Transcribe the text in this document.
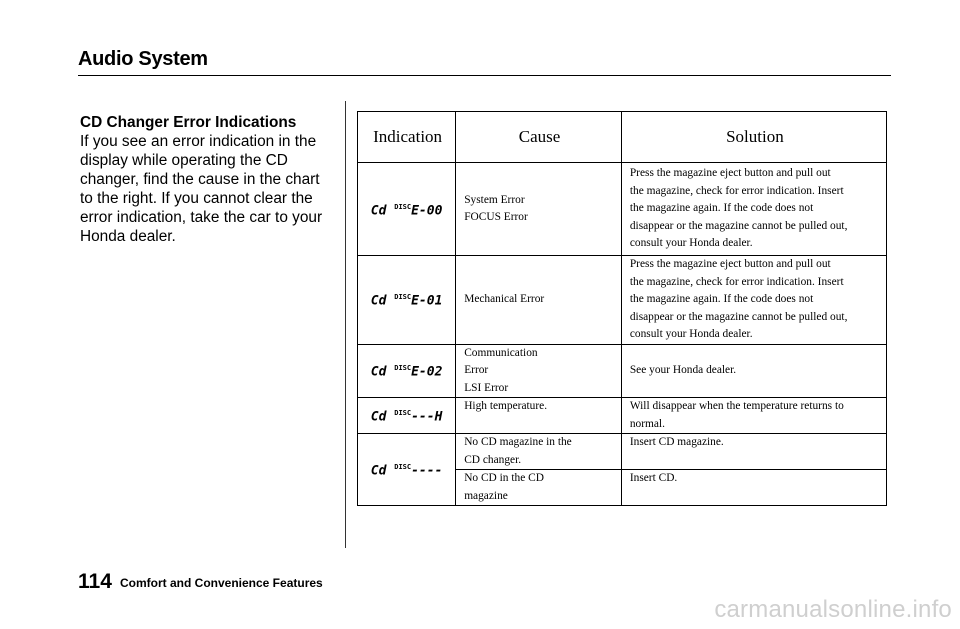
Audio System

CD Changer Error Indications

If you see an error indication in the
display while operating the CD
changer, find the cause in the chart
to the right. If you cannot clear the
error indication, take the car to your
Honda dealer.

Indication	Cause	Solution
Cd $^{DISC}$E-00	System Error
FOCUS Error	Press the magazine eject button and pull out
the magazine, check for error indication. Insert
the magazine again. If the code does not
disappear or the magazine cannot be pulled out,
consult your Honda dealer.

Cd $^{DISC}$E-01	Mechanical Error	Press the magazine eject button and pull out
the magazine, check for error indication. Insert
the magazine again. If the code does not
disappear or the magazine cannot be pulled out,
consult your Honda dealer.

Cd $^{DISC}$E-02	Communication
Error
LSI Error	See your Honda dealer.

Cd $^{DISC}$---H	High temperature.	Will disappear when the temperature returns to
normal.

Cd $^{DISC}$----	No CD magazine in the
CD changer.	Insert CD magazine.

	No CD in the CD
magazine	Insert CD.
114 Comfort and Convenience Features
carmanualsonline.info
